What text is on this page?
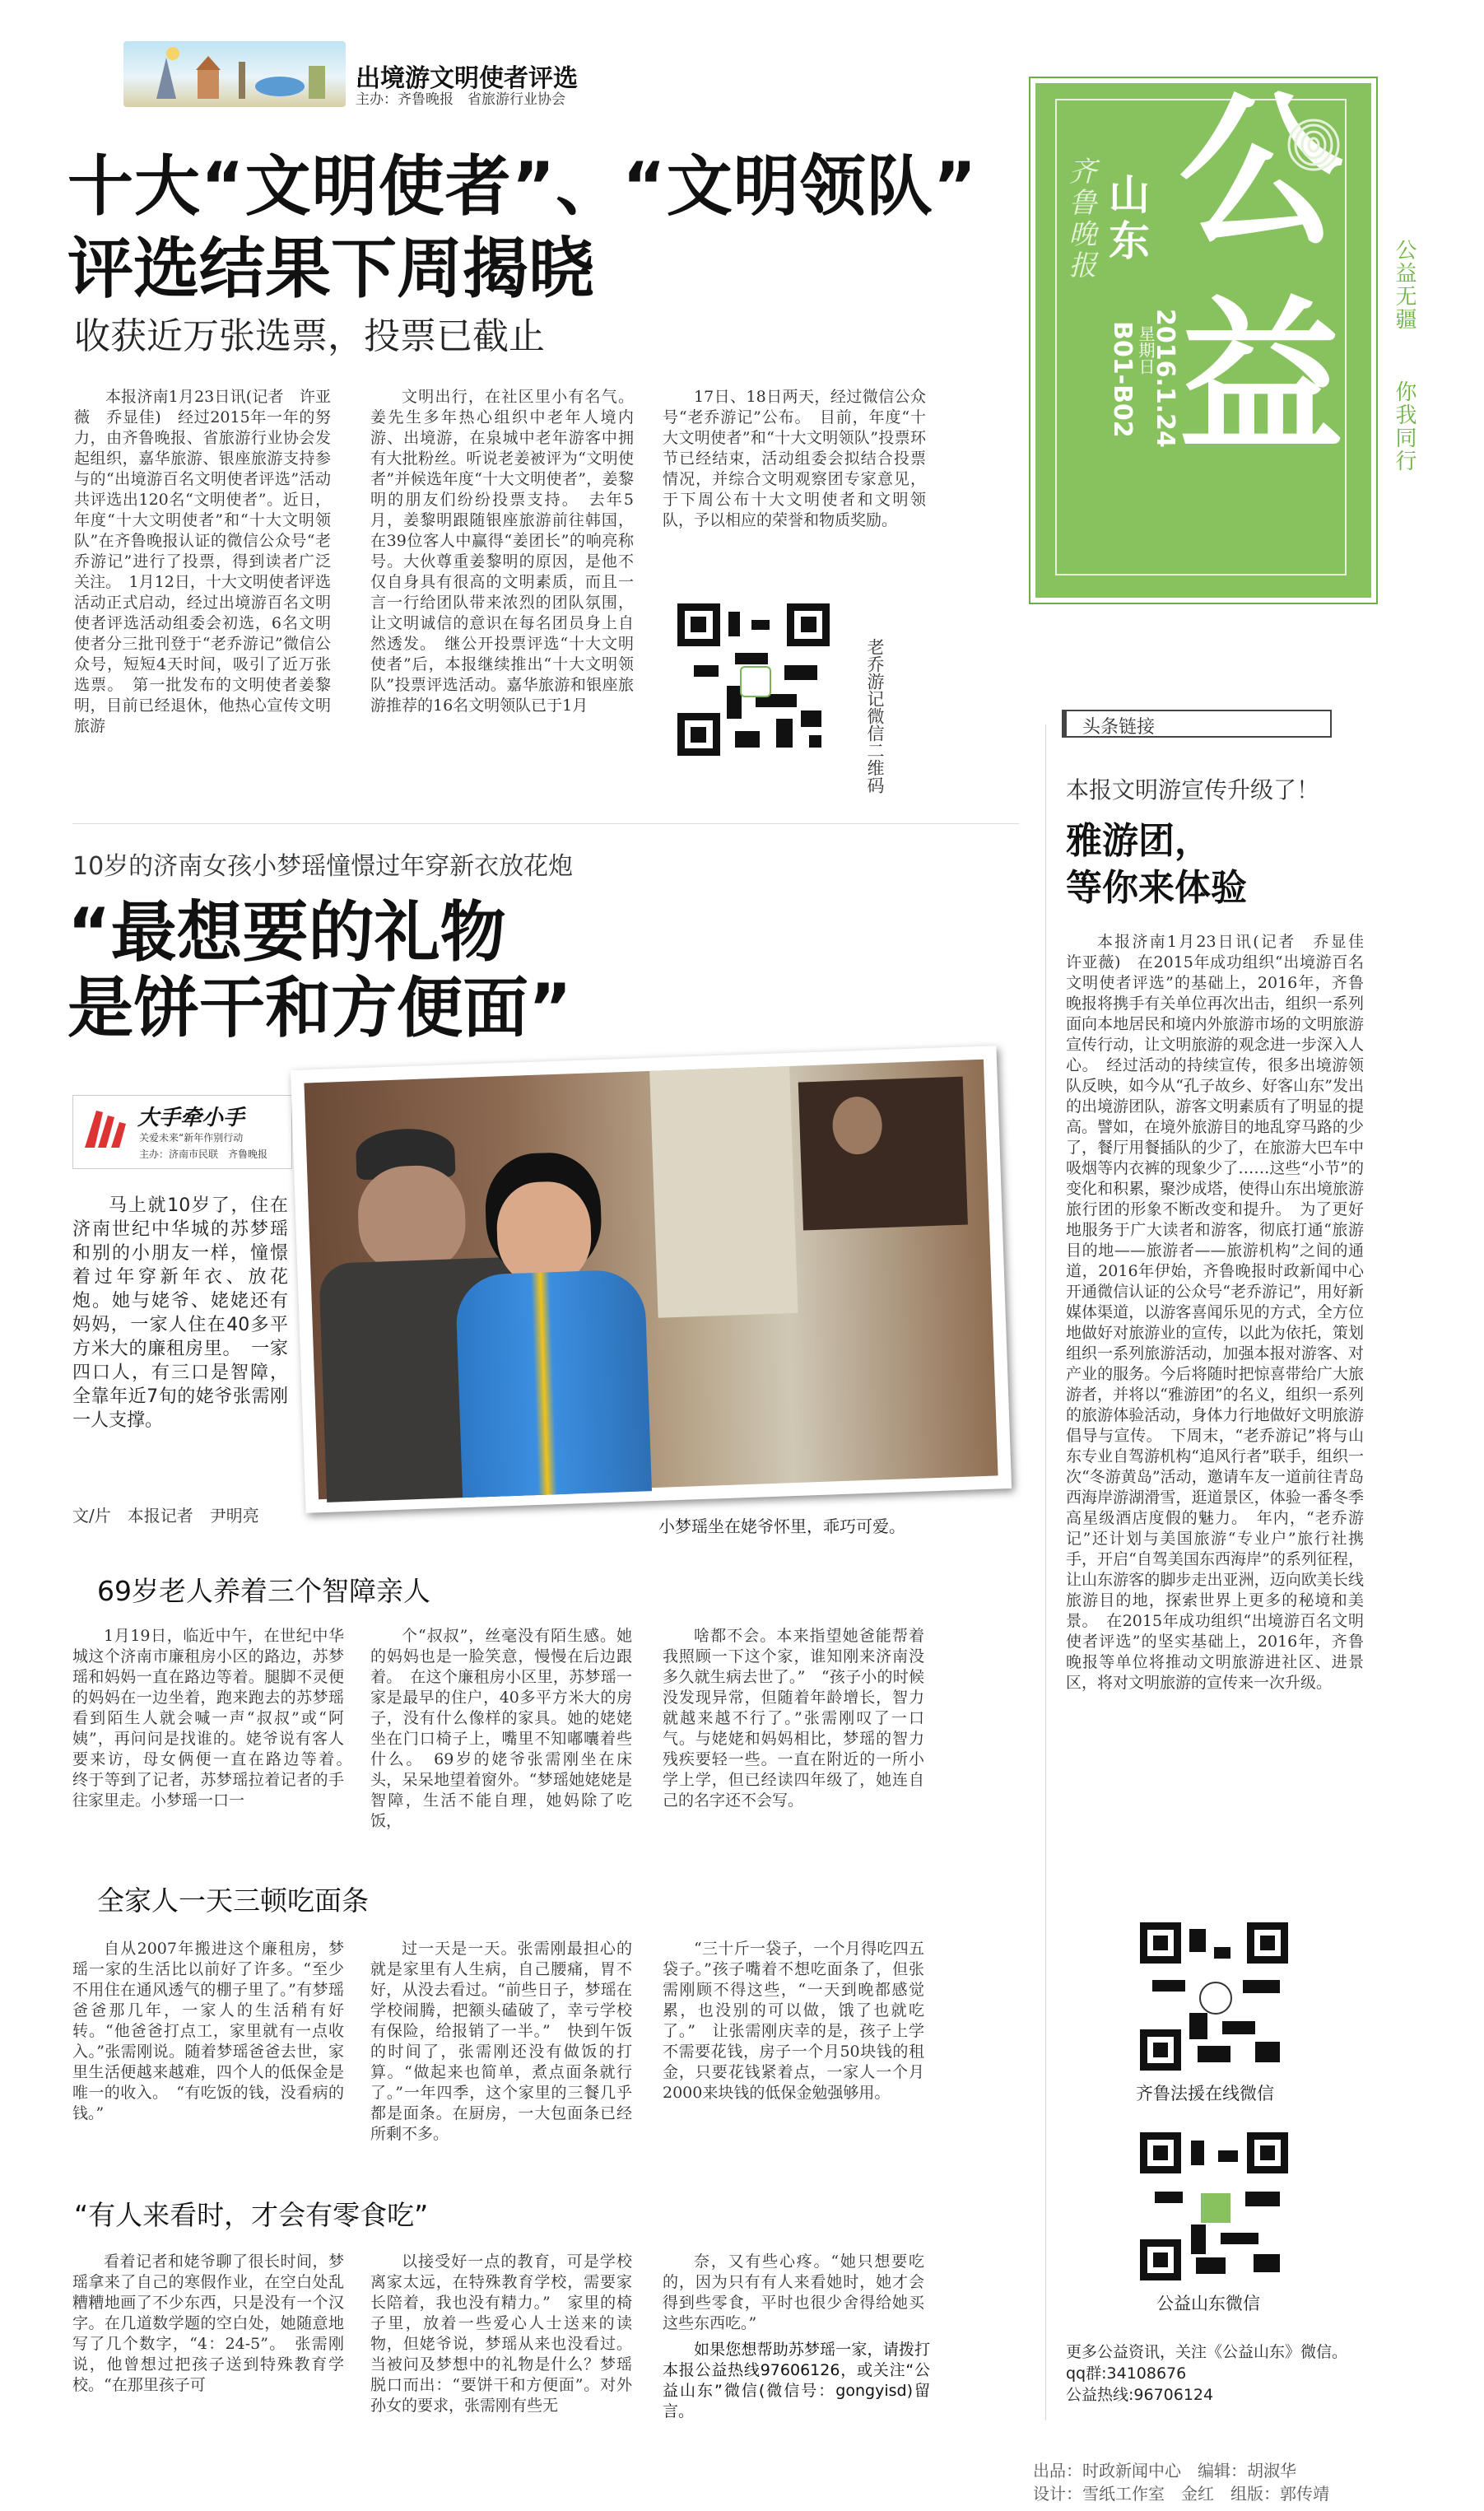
出境游文明使者评选
主办：齐鲁晚报　省旅游行业协会
十大“文明使者”、“文明领队”
评选结果下周揭晓
收获近万张选票，投票已截止

本报济南1月23日讯(记者　许亚薇　乔显佳)　经过2015年一年的努力，由齐鲁晚报、省旅游行业协会发起组织，嘉华旅游、银座旅游支持参与的“出境游百名文明使者评选”活动共评选出120名“文明使者”。近日，年度“十大文明使者”和“十大文明领队”在齐鲁晚报认证的微信公众号“老乔游记”进行了投票，得到读者广泛关注。　1月12日，十大文明使者评选活动正式启动，经过出境游百名文明使者评选活动组委会初选，6名文明使者分三批刊登于“老乔游记”微信公众号，短短4天时间，吸引了近万张选票。　第一批发布的文明使者姜黎明，目前已经退休，他热心宣传文明旅游

文明出行，在社区里小有名气。姜先生多年热心组织中老年人境内游、出境游，在泉城中老年游客中拥有大批粉丝。听说老姜被评为“文明使者”并候选年度“十大文明使者”，姜黎明的朋友们纷纷投票支持。　去年5月，姜黎明跟随银座旅游前往韩国，在39位客人中赢得“姜团长”的响亮称号。大伙尊重姜黎明的原因，是他不仅自身具有很高的文明素质，而且一言一行给团队带来浓烈的团队氛围，让文明诚信的意识在每名团员身上自然透发。　继公开投票评选“十大文明使者”后，本报继续推出“十大文明领队”投票评选活动。嘉华旅游和银座旅游推荐的16名文明领队已于1月

17日、18日两天，经过微信公众号“老乔游记”公布。　目前，年度“十大文明使者”和“十大文明领队”投票环节已经结束，活动组委会拟结合投票情况，并综合文明观察团专家意见，于下周公布十大文明使者和文明领队，予以相应的荣誉和物质奖励。

老乔游记微信二维码
齐鲁晚报 山东
星期日
2016.1.24
B01-B02
公
益 公益无疆
你我同行
头条链接
本报文明游宣传升级了！
雅游团，
等你来体验

本报济南1月23日讯(记者　乔显佳　许亚薇)　在2015年成功组织“出境游百名文明使者评选”的基础上，2016年，齐鲁晚报将携手有关单位再次出击，组织一系列面向本地居民和境内外旅游市场的文明旅游宣传行动，让文明旅游的观念进一步深入人心。　经过活动的持续宣传，很多出境游领队反映，如今从“孔子故乡、好客山东”发出的出境游团队，游客文明素质有了明显的提高。譬如，在境外旅游目的地乱穿马路的少了，餐厅用餐插队的少了，在旅游大巴车中吸烟等内衣裤的现象少了……这些“小节”的变化和积累，聚沙成塔，使得山东出境旅游旅行团的形象不断改变和提升。　为了更好地服务于广大读者和游客，彻底打通“旅游目的地——旅游者——旅游机构”之间的通道，2016年伊始，齐鲁晚报时政新闻中心开通微信认证的公众号“老乔游记”，用好新媒体渠道，以游客喜闻乐见的方式，全方位地做好对旅游业的宣传，以此为依托，策划组织一系列旅游活动，加强本报对游客、对产业的服务。今后将随时把惊喜带给广大旅游者，并将以“雅游团”的名义，组织一系列的旅游体验活动，身体力行地做好文明旅游倡导与宣传。　下周末，“老乔游记”将与山东专业自驾游机构“追风行者”联手，组织一次“冬游黄岛”活动，邀请车友一道前往青岛西海岸游湖滑雪，逛道景区，体验一番冬季高星级酒店度假的魅力。　年内，“老乔游记”还计划与美国旅游“专业户”旅行社携手，开启“自驾美国东西海岸”的系列征程，让山东游客的脚步走出亚洲，迈向欧美长线旅游目的地，探索世界上更多的秘境和美景。　在2015年成功组织“出境游百名文明使者评选”的坚实基础上，2016年，齐鲁晚报等单位将推动文明旅游进社区、进景区，将对文明旅游的宣传来一次升级。

齐鲁法援在线微信
公益山东微信
更多公益资讯，关注《公益山东》微信。
qq群:34108676
公益热线:96706124
10岁的济南女孩小梦瑶憧憬过年穿新衣放花炮
“最想要的礼物
是饼干和方便面”
大手牵小手
关爱未来“新年作别行动
主办：济南市民联　齐鲁晚报

马上就10岁了，住在济南世纪中华城的苏梦瑶和别的小朋友一样，憧憬着过年穿新年衣、放花炮。她与姥爷、姥姥还有妈妈，一家人住在40多平方米大的廉租房里。　一家四口人，有三口是智障，全靠年近7旬的姥爷张需刚一人支撑。

文/片　本报记者　尹明亮
小梦瑶坐在姥爷怀里，乖巧可爱。
69岁老人养着三个智障亲人

1月19日，临近中午，在世纪中华城这个济南市廉租房小区的路边，苏梦瑶和妈妈一直在路边等着。腿脚不灵便的妈妈在一边坐着，跑来跑去的苏梦瑶看到陌生人就会喊一声“叔叔”或“阿姨”，再问问是找谁的。姥爷说有客人要来访，母女俩便一直在路边等着。　终于等到了记者，苏梦瑶拉着记者的手往家里走。小梦瑶一口一

个“叔叔”，丝毫没有陌生感。她的妈妈也是一脸笑意，慢慢在后边跟着。　在这个廉租房小区里，苏梦瑶一家是最早的住户，40多平方米大的房子，没有什么像样的家具。她的姥姥坐在门口椅子上，嘴里不知嘟囔着些什么。　69岁的姥爷张需刚坐在床头，呆呆地望着窗外。“梦瑶她姥姥是智障，生活不能自理，她妈除了吃饭，

啥都不会。本来指望她爸能帮着我照顾一下这个家，谁知刚来济南没多久就生病去世了。”　“孩子小的时候没发现异常，但随着年龄增长，智力就越来越不行了。”张需刚叹了一口气。与姥姥和妈妈相比，梦瑶的智力残疾要轻一些。一直在附近的一所小学上学，但已经读四年级了，她连自己的名字还不会写。

全家人一天三顿吃面条

自从2007年搬进这个廉租房，梦瑶一家的生活比以前好了许多。“至少不用住在通风透气的棚子里了。”有梦瑶爸爸那几年，一家人的生活稍有好转。“他爸爸打点工，家里就有一点收入。”张需刚说。随着梦瑶爸爸去世，家里生活便越来越难，四个人的低保金是唯一的收入。　“有吃饭的钱，没看病的钱。”

过一天是一天。张需刚最担心的就是家里有人生病，自己腰痛，胃不好，从没去看过。“前些日子，梦瑶在学校闹腾，把额头磕破了，幸亏学校有保险，给报销了一半。”　快到午饭的时间了，张需刚还没有做饭的打算。“做起来也简单，煮点面条就行了。”一年四季，这个家里的三餐几乎都是面条。在厨房，一大包面条已经所剩不多。

“三十斤一袋子，一个月得吃四五袋子。”孩子嘴着不想吃面条了，但张需刚顾不得这些，“一天到晚都感觉累，也没别的可以做，饿了也就吃了。”　让张需刚庆幸的是，孩子上学不需要花钱，房子一个月50块钱的租金，只要花钱紧着点，一家人一个月2000来块钱的低保金勉强够用。

“有人来看时，才会有零食吃”

看着记者和姥爷聊了很长时间，梦瑶拿来了自己的寒假作业，在空白处乱糟糟地画了不少东西，只是没有一个汉字。在几道数学题的空白处，她随意地写了几个数字，“4：24-5”。　张需刚说，他曾想过把孩子送到特殊教育学校。“在那里孩子可

以接受好一点的教育，可是学校离家太远，在特殊教育学校，需要家长陪着，我也没有精力。”　家里的椅子里，放着一些爱心人士送来的读物，但姥爷说，梦瑶从来也没看过。当被问及梦想中的礼物是什么？梦瑶脱口而出：“要饼干和方便面”。对外孙女的要求，张需刚有些无

奈，又有些心疼。“她只想要吃的，因为只有有人来看她时，她才会得到些零食，平时也很少舍得给她买这些东西吃。”

如果您想帮助苏梦瑶一家，请拨打本报公益热线97606126，或关注“公益山东”微信(微信号：gongyisd)留言。
出品：时政新闻中心　编辑：胡淑华
设计：雪纸工作室　金红　组版：郭传靖
